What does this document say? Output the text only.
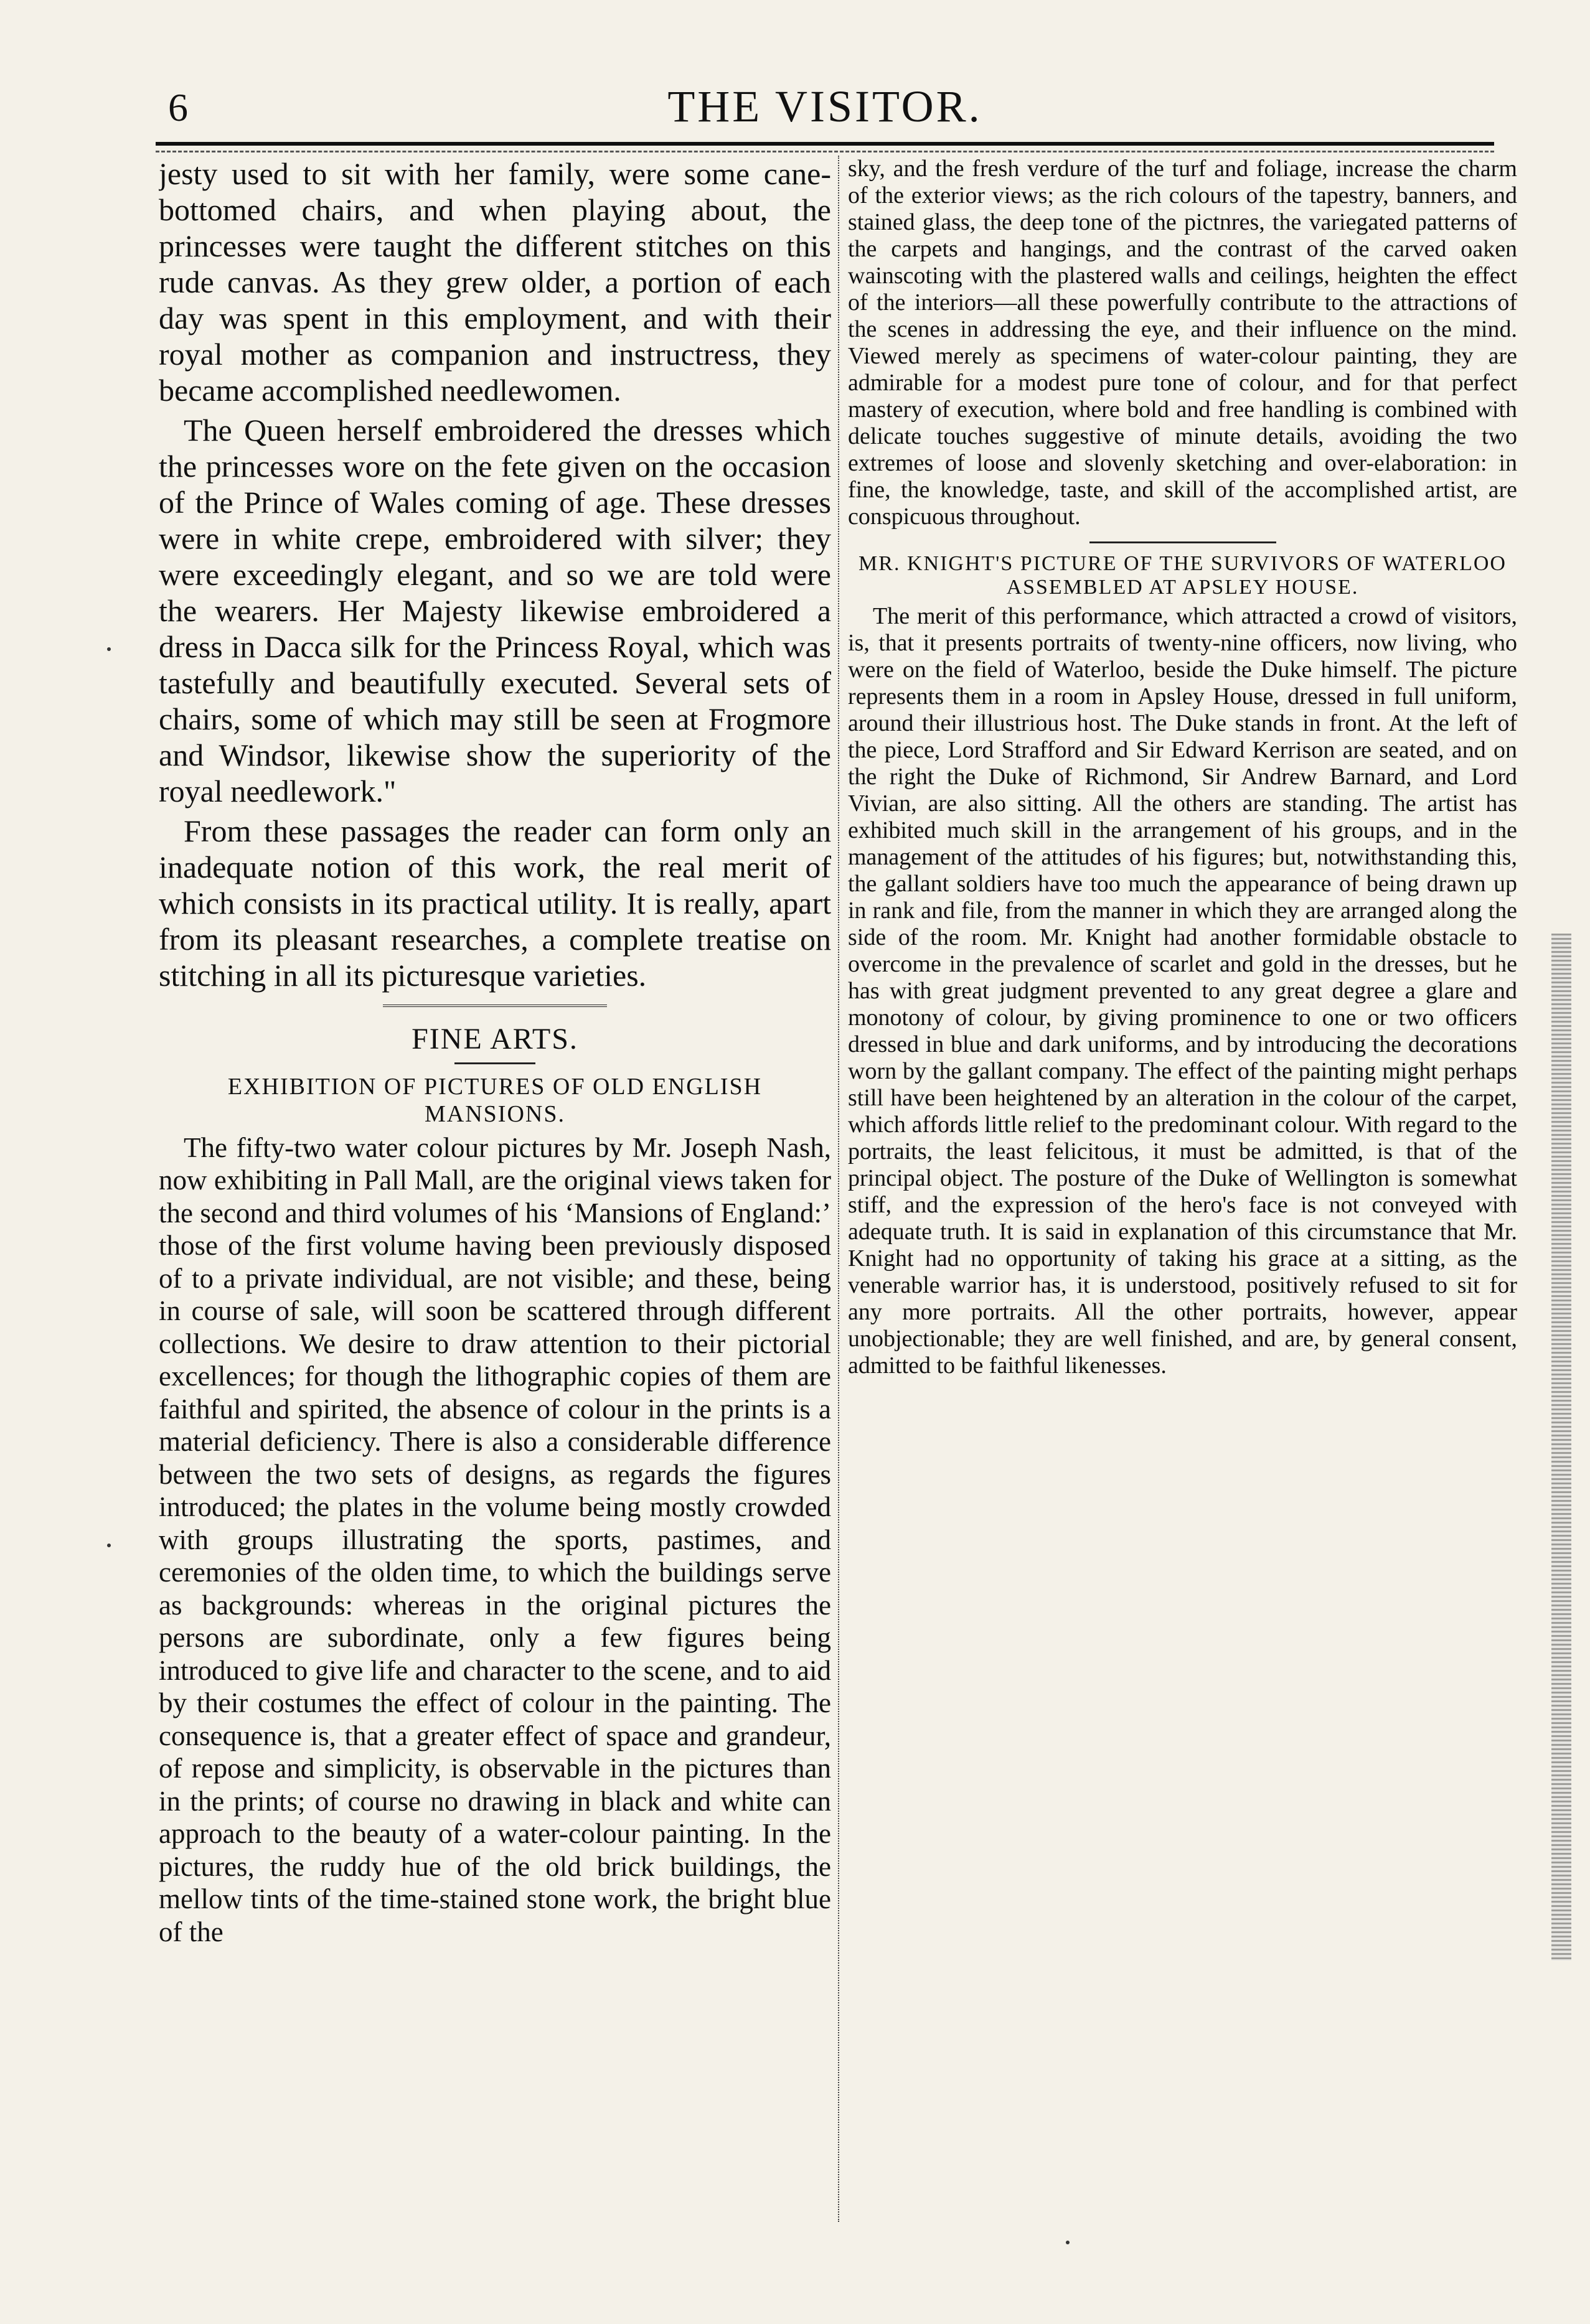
6	THE VISITOR.

jesty used to sit with her family, were some cane-bottomed chairs, and when playing about, the princesses were taught the different stitches on this rude canvas. As they grew older, a portion of each day was spent in this employment, and with their royal mother as companion and instructress, they became accomplished needlewomen.

The Queen herself embroidered the dresses which the princesses wore on the fete given on the occasion of the Prince of Wales coming of age. These dresses were in white crepe, embroidered with silver; they were exceedingly elegant, and so we are told were the wearers. Her Majesty likewise embroidered a dress in Dacca silk for the Princess Royal, which was tastefully and beautifully executed. Several sets of chairs, some of which may still be seen at Frogmore and Windsor, likewise show the superiority of the royal needlework."

From these passages the reader can form only an inadequate notion of this work, the real merit of which consists in its practical utility. It is really, apart from its pleasant researches, a complete treatise on stitching in all its picturesque varieties.

FINE ARTS.
EXHIBITION OF PICTURES OF OLD ENGLISH MANSIONS.

The fifty-two water colour pictures by Mr. Joseph Nash, now exhibiting in Pall Mall, are the original views taken for the second and third volumes of his ‘Mansions of England:’ those of the first volume having been previously disposed of to a private individual, are not visible; and these, being in course of sale, will soon be scattered through different collections. We desire to draw attention to their pictorial excellences; for though the lithographic copies of them are faithful and spirited, the absence of colour in the prints is a material deficiency. There is also a considerable difference between the two sets of designs, as regards the figures introduced; the plates in the volume being mostly crowded with groups illustrating the sports, pastimes, and ceremonies of the olden time, to which the buildings serve as backgrounds: whereas in the original pictures the persons are subordinate, only a few figures being introduced to give life and character to the scene, and to aid by their costumes the effect of colour in the painting. The consequence is, that a greater effect of space and grandeur, of repose and simplicity, is observable in the pictures than in the prints; of course no drawing in black and white can approach to the beauty of a water-colour painting. In the pictures, the ruddy hue of the old brick buildings, the mellow tints of the time-stained stone work, the bright blue of the

sky, and the fresh verdure of the turf and foliage, increase the charm of the exterior views; as the rich colours of the tapestry, banners, and stained glass, the deep tone of the pictnres, the variegated patterns of the carpets and hangings, and the contrast of the carved oaken wainscoting with the plastered walls and ceilings, heighten the effect of the interiors—all these powerfully contribute to the attractions of the scenes in addressing the eye, and their influence on the mind. Viewed merely as specimens of water-colour painting, they are admirable for a modest pure tone of colour, and for that perfect mastery of execution, where bold and free handling is combined with delicate touches suggestive of minute details, avoiding the two extremes of loose and slovenly sketching and over-elaboration: in fine, the knowledge, taste, and skill of the accomplished artist, are conspicuous throughout.

MR. KNIGHT'S PICTURE OF THE SURVIVORS OF WATERLOO ASSEMBLED AT APSLEY HOUSE.

The merit of this performance, which attracted a crowd of visitors, is, that it presents portraits of twenty-nine officers, now living, who were on the field of Waterloo, beside the Duke himself. The picture represents them in a room in Apsley House, dressed in full uniform, around their illustrious host. The Duke stands in front. At the left of the piece, Lord Strafford and Sir Edward Kerrison are seated, and on the right the Duke of Richmond, Sir Andrew Barnard, and Lord Vivian, are also sitting. All the others are standing. The artist has exhibited much skill in the arrangement of his groups, and in the management of the attitudes of his figures; but, notwithstanding this, the gallant soldiers have too much the appearance of being drawn up in rank and file, from the manner in which they are arranged along the side of the room. Mr. Knight had another formidable obstacle to overcome in the prevalence of scarlet and gold in the dresses, but he has with great judgment prevented to any great degree a glare and monotony of colour, by giving prominence to one or two officers dressed in blue and dark uniforms, and by introducing the decorations worn by the gallant company. The effect of the painting might perhaps still have been heightened by an alteration in the colour of the carpet, which affords little relief to the predominant colour. With regard to the portraits, the least felicitous, it must be admitted, is that of the principal object. The posture of the Duke of Wellington is somewhat stiff, and the expression of the hero's face is not conveyed with adequate truth. It is said in explanation of this circumstance that Mr. Knight had no opportunity of taking his grace at a sitting, as the venerable warrior has, it is understood, positively refused to sit for any more portraits. All the other portraits, however, appear unobjectionable; they are well finished, and are, by general consent, admitted to be faithful likenesses.
